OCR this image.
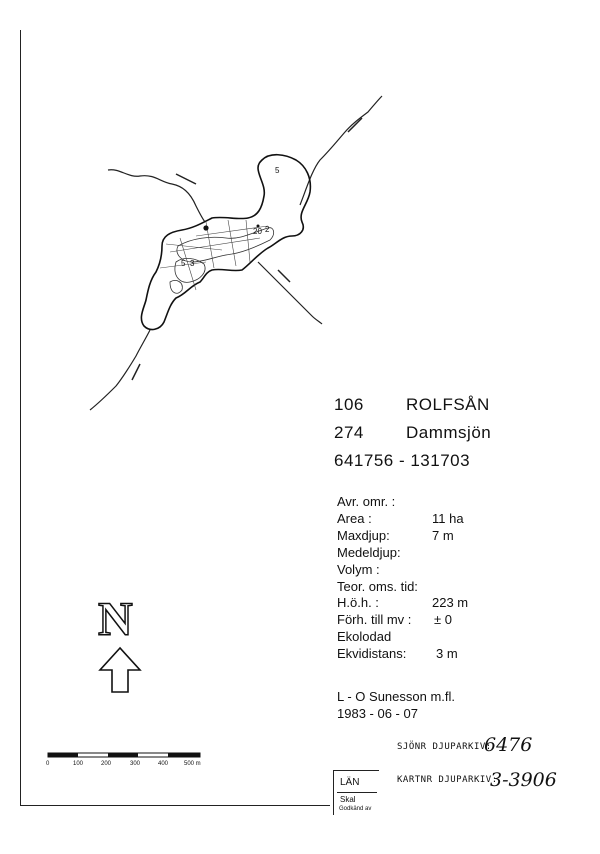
5
5 3
2
20
106 ROLFSÅN
274 Dammsjön
641756 - 131703
Avr. omr. :
Area :	11 ha
Maxdjup:	7 m
Medeldjup:
Volym :
Teor. oms. tid:
H.ö.h. :	223 m
Förh. till mv : ± 0
Ekolodad
Ekvidistans: 3 m
L - O Sunesson m.fl.
1983 - 06 - 07
N
0	100	200	300	400	500 m
SJÖNR DJUPARKIV:
6476
KARTNR DJUPARKIV:
3-3906
LÄN
Skal
Godkänd av
